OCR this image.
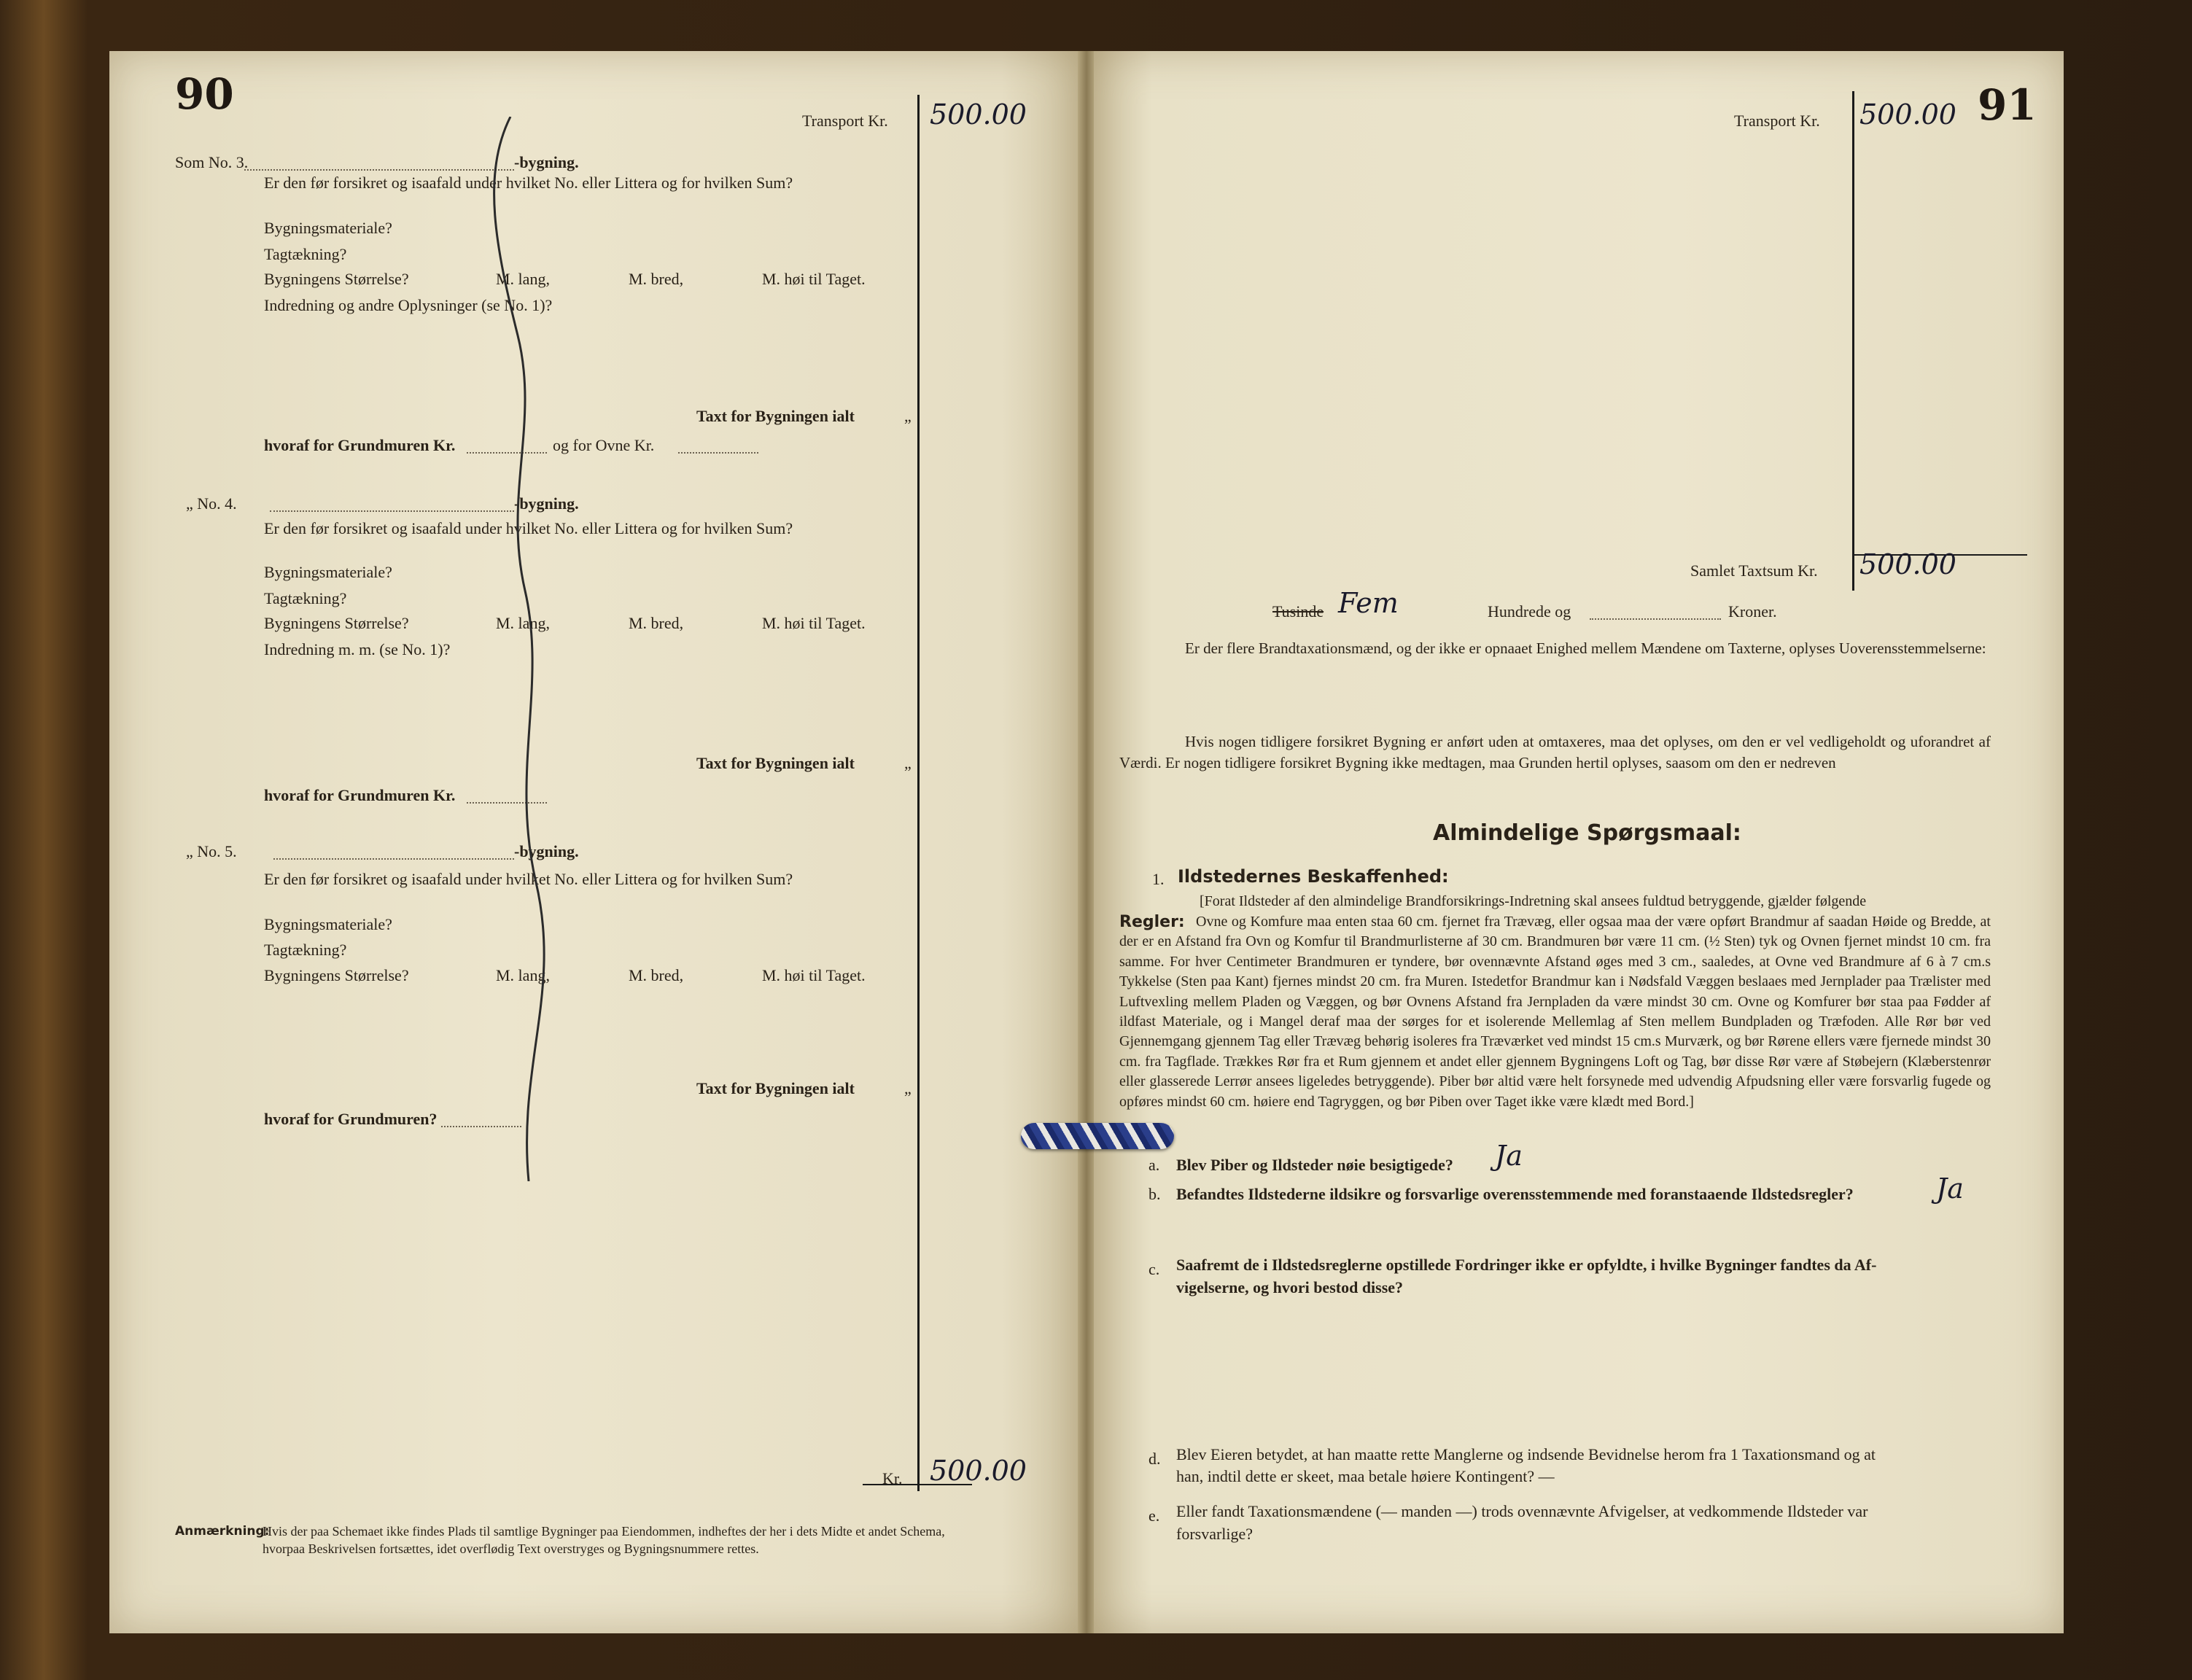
90
Transport Kr. 500.00
Som No. 3.	-bygning.
Er den før forsikret og isaafald under hvilket No. eller Littera og for hvilken Sum?
Bygningsmateriale?
Tagtækning?
Bygningens Størrelse?	M. lang,	M. bred,	M. høi til Taget.
Indredning og andre Oplysninger (se No. 1)?
Taxt for Bygningen ialt	„
hvoraf for Grundmuren Kr.	og for Ovne Kr.
„ No. 4.	-bygning.
Er den før forsikret og isaafald under hvilket No. eller Littera og for hvilken Sum?
Bygningsmateriale?
Tagtækning?
Bygningens Størrelse?	M. lang,	M. bred,	M. høi til Taget.
Indredning m. m. (se No. 1)?
Taxt for Bygningen ialt	„
hvoraf for Grundmuren Kr.
„ No. 5.	-bygning.
Er den før forsikret og isaafald under hvilket No. eller Littera og for hvilken Sum?
Bygningsmateriale?
Tagtækning?
Bygningens Størrelse?	M. lang,	M. bred,	M. høi til Taget.
Taxt for Bygningen ialt	„
hvoraf for Grundmuren?
Kr. 500.00
Anmærkning:
Hvis der paa Schemaet ikke findes Plads til samtlige Bygninger paa Eiendommen, indheftes der her i dets Midte et andet Schema,
hvorpaa Beskrivelsen fortsættes, idet overflødig Text overstryges og Bygningsnummere rettes.
91
Transport Kr. 500.00
Samlet Taxtsum Kr. 500.00
Tusinde Fem	Hundrede og	Kroner.
Er der flere Brandtaxationsmænd, og der ikke er opnaaet Enighed mellem Mændene om Taxterne, oplyses Uoverensstemmelserne:
Hvis nogen tidligere forsikret Bygning er anført uden at omtaxeres, maa det oplyses, om den er vel vedligeholdt og uforandret af Værdi. Er nogen tidligere forsikret Bygning ikke medtagen, maa Grunden hertil oplyses, saasom om den er nedreven
Almindelige Spørgsmaal:
1. Ildstedernes Beskaffenhed:
[Forat Ildsteder af den almindelige Brandforsikrings-Indretning skal ansees fuldtud betryggende, gjælder følgende
Regler: Ovne og Komfure maa enten staa 60 cm. fjernet fra Trævæg, eller ogsaa maa der være opført Brandmur af saadan Høide og Bredde, at der er en Afstand fra Ovn og Komfur til Brandmurlisterne af 30 cm. Brandmuren bør være 11 cm. (½ Sten) tyk og Ovnen fjernet mindst 10 cm. fra samme. For hver Centimeter Brandmuren er tyndere, bør ovennævnte Afstand øges med 3 cm., saaledes, at Ovne ved Brandmure af 6 à 7 cm.s Tykkelse (Sten paa Kant) fjernes mindst 20 cm. fra Muren. Istedetfor Brandmur kan i Nødsfald Væggen beslaaes med Jernplader paa Trælister med Luftvexling mellem Pladen og Væggen, og bør Ovnens Afstand fra Jernpladen da være mindst 30 cm. Ovne og Komfurer bør staa paa Fødder af ildfast Materiale, og i Mangel deraf maa der sørges for et isolerende Mellemlag af Sten mellem Bundpladen og Træfoden. Alle Rør bør ved Gjennemgang gjennem Tag eller Trævæg behørig isoleres fra Træværket ved mindst 15 cm.s Murværk, og bør Rørene ellers være fjernede mindst 30 cm. fra Tagflade. Trækkes Rør fra et Rum gjennem et andet eller gjennem Bygningens Loft og Tag, bør disse Rør være af Støbejern (Klæberstenrør eller glasserede Lerrør ansees ligeledes betryggende). Piber bør altid være helt forsynede med udvendig Afpudsning eller være forsvarlig fugede og opføres mindst 60 cm. høiere end Tagryggen, og bør Piben over Taget ikke være klædt med Bord.]
a. Blev Piber og Ildsteder nøie besigtigede? Ja
b. Befandtes Ildstederne ildsikre og forsvarlige overensstemmende med foranstaaende Ildstedsregler?	Ja
c. Saafremt de i Ildstedsreglerne opstillede Fordringer ikke er opfyldte, i hvilke Bygninger fandtes da Af-
vigelserne, og hvori bestod disse?
d. Blev Eieren betydet, at han maatte rette Manglerne og indsende Bevidnelse herom fra 1 Taxationsmand og at
han, indtil dette er skeet, maa betale høiere Kontingent? —
e. Eller fandt Taxationsmændene (— manden —) trods ovennævnte Afvigelser, at vedkommende Ildsteder var
forsvarlige?
